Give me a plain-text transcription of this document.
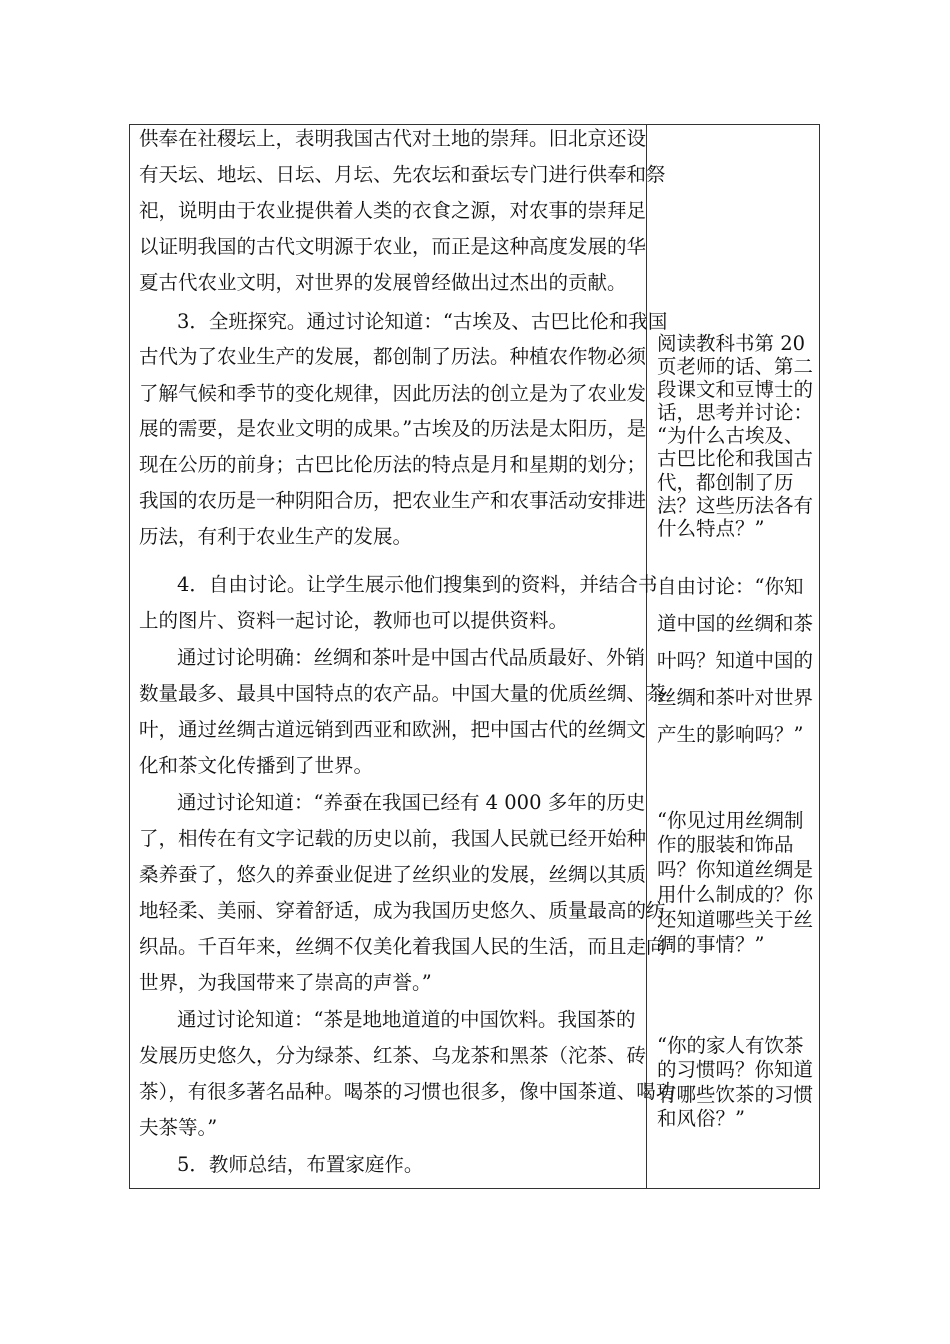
供奉在社稷坛上，表明我国古代对土地的崇拜。旧北京还设
有天坛、地坛、日坛、月坛、先农坛和蚕坛专门进行供奉和祭
祀，说明由于农业提供着人类的衣食之源，对农事的崇拜足
以证明我国的古代文明源于农业，而正是这种高度发展的华
夏古代农业文明，对世界的发展曾经做出过杰出的贡献。
3．全班探究。通过讨论知道：“古埃及、古巴比伦和我国
古代为了农业生产的发展，都创制了历法。种植农作物必须
了解气候和季节的变化规律，因此历法的创立是为了农业发
展的需要，是农业文明的成果。”古埃及的历法是太阳历，是
现在公历的前身；古巴比伦历法的特点是月和星期的划分；
我国的农历是一种阴阳合历，把农业生产和农事活动安排进
历法，有利于农业生产的发展。
4．自由讨论。让学生展示他们搜集到的资料，并结合书
上的图片、资料一起讨论，教师也可以提供资料。
通过讨论明确：丝绸和茶叶是中国古代品质最好、外销
数量最多、最具中国特点的农产品。中国大量的优质丝绸、茶
叶，通过丝绸古道远销到西亚和欧洲，把中国古代的丝绸文
化和茶文化传播到了世界。
通过讨论知道：“养蚕在我国已经有 4 000 多年的历史
了，相传在有文字记载的历史以前，我国人民就已经开始种
桑养蚕了，悠久的养蚕业促进了丝织业的发展，丝绸以其质
地轻柔、美丽、穿着舒适，成为我国历史悠久、质量最高的纺
织品。千百年来，丝绸不仅美化着我国人民的生活，而且走向
世界，为我国带来了崇高的声誉。”
通过讨论知道：“茶是地地道道的中国饮料。我国茶的
发展历史悠久，分为绿茶、红茶、乌龙茶和黑茶（沱茶、砖
茶），有很多著名品种。喝茶的习惯也很多，像中国茶道、喝功
夫茶等。”
5．教师总结，布置家庭作。
阅读教科书第 20
页老师的话、第二
段课文和豆博士的
话，思考并讨论：
“为什么古埃及、
古巴比伦和我国古
代，都创制了历
法？这些历法各有
什么特点？”
自由讨论：“你知
道中国的丝绸和茶
叶吗？知道中国的
丝绸和茶叶对世界
产生的影响吗？”
“你见过用丝绸制
作的服装和饰品
吗？你知道丝绸是
用什么制成的？你
还知道哪些关于丝
绸的事情？”
“你的家人有饮茶
的习惯吗？你知道
有哪些饮茶的习惯
和风俗？”
